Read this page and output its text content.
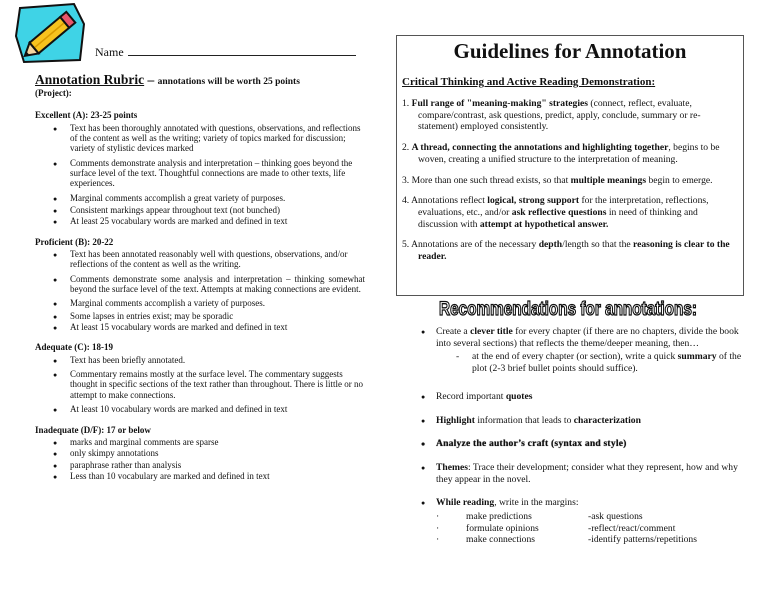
Name
Annotation Rubric – annotations will be worth 25 points
(Project):
Excellent (A): 23-25 points
● Text has been thoroughly annotated with questions, observations, and reflections of the content as well as the writing; variety of topics marked for discussion; variety of stylistic devices marked
● Comments demonstrate analysis and interpretation – thinking goes beyond the surface level of the text. Thoughtful connections are made to other texts, life experiences.
● Marginal comments accomplish a great variety of purposes.
● Consistent markings appear throughout text (not bunched)
● At least 25 vocabulary words are marked and defined in text
Proficient (B): 20-22
● Text has been annotated reasonably well with questions, observations, and/or reflections of the content as well as the writing.
● Comments demonstrate some analysis and interpretation – thinking somewhat beyond the surface level of the text. Attempts at making connections are evident.
● Marginal comments accomplish a variety of purposes.
● Some lapses in entries exist; may be sporadic
● At least 15 vocabulary words are marked and defined in text
Adequate (C): 18-19
● Text has been briefly annotated.
● Commentary remains mostly at the surface level. The commentary suggests thought in specific sections of the text rather than throughout. There is little or no attempt to make connections.
● At least 10 vocabulary words are marked and defined in text
Inadequate (D/F): 17 or below
● marks and marginal comments are sparse
● only skimpy annotations
● paraphrase rather than analysis
● Less than 10 vocabulary are marked and defined in text
Guidelines for Annotation
Critical Thinking and Active Reading Demonstration:
1. Full range of "meaning-making" strategies (connect, reflect, evaluate, compare/contrast, ask questions, predict, apply, conclude, summary or re-statement) employed consistently.
2. A thread, connecting the annotations and highlighting together, begins to be woven, creating a unified structure to the interpretation of meaning.
3. More than one such thread exists, so that multiple meanings begin to emerge.
4. Annotations reflect logical, strong support for the interpretation, reflections, evaluations, etc., and/or ask reflective questions in need of thinking and discussion with attempt at hypothetical answer.
5. Annotations are of the necessary depth/length so that the reasoning is clear to the reader.
Recommendations for annotations:
● Create a clever title for every chapter (if there are no chapters, divide the book into several sections) that reflects the theme/deeper meaning, then…
- at the end of every chapter (or section), write a quick summary of the plot (2-3 brief bullet points should suffice).
● Record important quotes
● Highlight information that leads to characterization
● Analyze the author’s craft (syntax and style)
● Themes: Trace their development; consider what they represent, how and why they appear in the novel.
● While reading, write in the margins:
·	make predictions	-ask questions
·	formulate opinions	-reflect/react/comment
·	make connections	-identify patterns/repetitions
